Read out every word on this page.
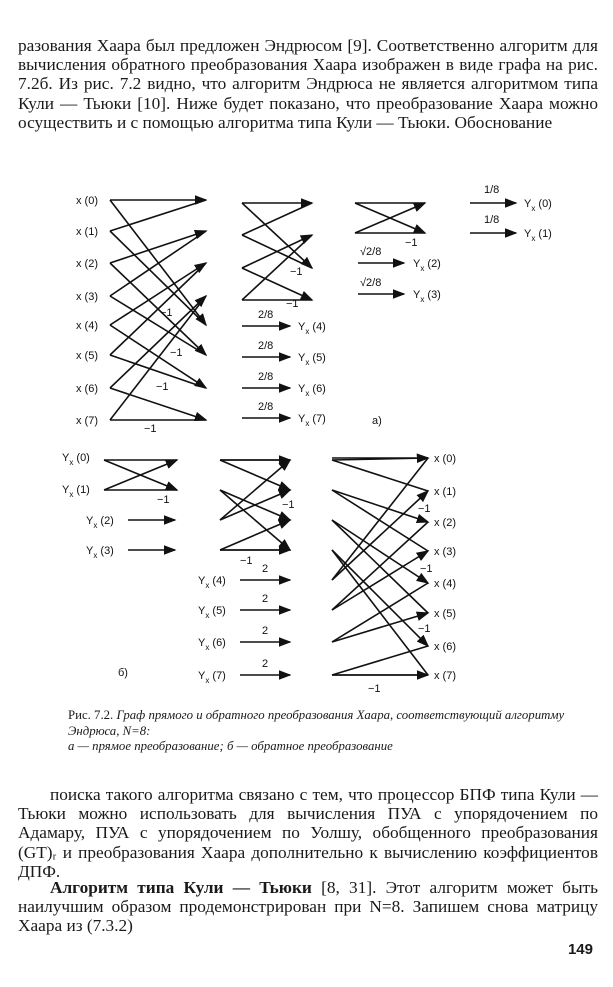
разования Хаара был предложен Эндрюсом [9]. Соответственно алгоритм для вычисления обратного преобразования Хаара изображен в виде графа на рис. 7.2б. Из рис. 7.2 видно, что алгоритм Эндрюса не является алгоритмом типа Кули — Тьюки [10]. Ниже будет показано, что преобразование Хаара можно осуществить и с помощью алгоритма типа Кули — Тьюки. Обоснование

x (0)
x (1)
x (2)
x (3)
x (4)
x (5)
x (6)
x (7)
−1
−1
−1
−1
−1
−1
2/8
$Y_x$ (4)
2/8
$Y_x$ (5)
2/8
$Y_x$ (6)
2/8
$Y_x$ (7)
−1
√2/8
$Y_x$ (2)
√2/8
$Y_x$ (3)
1/8
$Y_x$ (0)
1/8
$Y_x$ (1)
$Y_x$ (0)
$Y_x$ (1)
$Y_x$ (2)
$Y_x$ (3)
−1
$Y_x$ (4)
2
$Y_x$ (5)
2
$Y_x$ (6)
2
$Y_x$ (7)
2
−1
−1
−1
−1
−1
−1
x (0)
x (1)
x (2)
x (3)
x (4)
x (5)
x (6)
x (7)
а)
б)

Рис. 7.2. Граф прямого и обратного преобразования Хаара, соответствующий алгоритму Эндрюса, N=8:
а — прямое преобразование; б — обратное преобразование

поиска такого алгоритма связано с тем, что процессор БПФ типа Кули — Тьюки можно использовать для вычисления ПУА с упорядочением по Адамару, ПУА с упорядочением по Уолшу, обобщенного преобразования (GT)ᵣ и преобразования Хаара дополнительно к вычислению коэффициентов ДПФ.

Алгоритм типа Кули — Тьюки [8, 31]. Этот алгоритм может быть наилучшим образом продемонстрирован при N=8. Запишем снова матрицу Хаара из (7.3.2)

149
